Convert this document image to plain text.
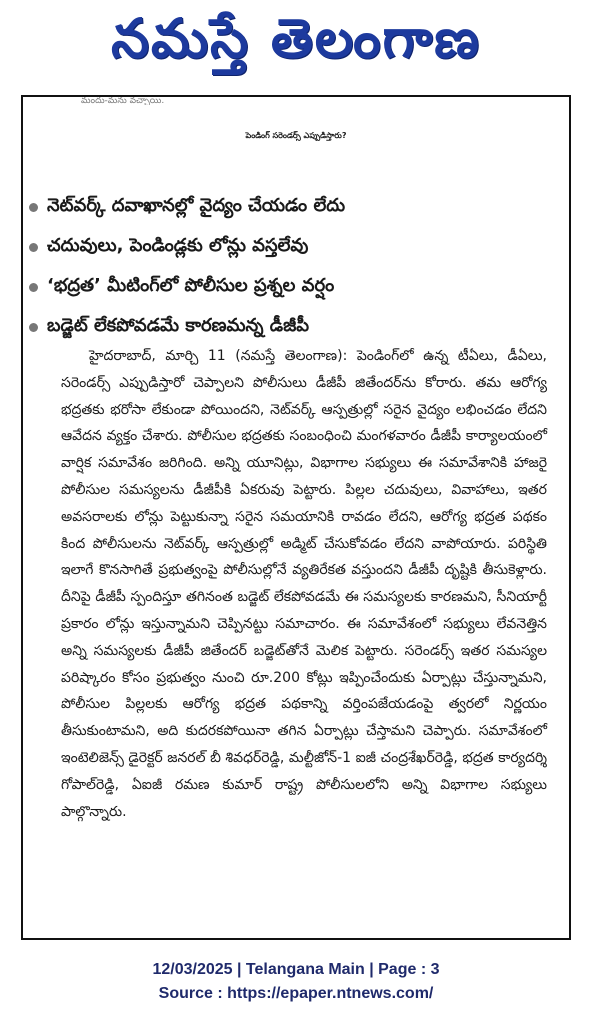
నమస్తే తెలంగాణ
మందు-మను వచ్చాయి.
పెండింగ్ సరెండర్స్ ఎప్పుడిస్తారు?
నెట్‌వర్క్ దవాఖానల్లో వైద్యం చేయడం లేదు
చదువులు, పెండిండ్లకు లోన్లు వస్తలేవు
‘భద్రత’ మీటింగ్‌లో పోలీసుల ప్రశ్నల వర్షం
బడ్జెట్ లేకపోవడమే కారణమన్న డీజీపీ

హైదరాబాద్, మార్చి 11 (నమస్తే తెలంగాణ): పెండింగ్‌లో ఉన్న టీఏలు, డీఏలు, సరెండర్స్ ఎప్పుడిస్తారో చెప్పాలని పోలీసులు డీజీపీ జితేందర్‌ను కోరారు. తమ ఆరోగ్య భద్రతకు భరోసా లేకుండా పోయిందని, నెట్‌వర్క్ ఆస్పత్రుల్లో సరైన వైద్యం లభించడం లేదని ఆవేదన వ్యక్తం చేశారు. పోలీసుల భద్రతకు సంబంధించి మంగళవారం డీజీపీ కార్యాలయంలో వార్షిక సమావేశం జరిగింది. అన్ని యూనిట్లు, విభాగాల సభ్యులు ఈ సమావేశానికి హాజరై పోలీసుల సమస్యలను డీజీపీకి ఏకరువు పెట్టారు. పిల్లల చదువులు, వివాహాలు, ఇతర అవసరాలకు లోన్లు పెట్టుకున్నా సరైన సమయానికి రావడం లేదని, ఆరోగ్య భద్రత పథకం కింద పోలీసులను నెట్‌వర్క్ ఆస్పత్రుల్లో అడ్మిట్ చేసుకోవడం లేదని వాపోయారు. పరిస్థితి ఇలాగే కొనసాగితే ప్రభుత్వంపై పోలీసుల్లోనే వ్యతిరేకత వస్తుందని డీజీపీ దృష్టికి తీసుకెళ్లారు. దీనిపై డీజీపీ స్పందిస్తూ తగినంత బడ్జెట్ లేకపోవడమే ఈ సమస్యలకు కారణమని, సీనియార్టీ ప్రకారం లోన్లు ఇస్తున్నామని చెప్పినట్టు సమాచారం. ఈ సమావేశంలో సభ్యులు లేవనెత్తిన అన్ని సమస్యలకు డీజీపీ జితేందర్ బడ్జెట్‌తోనే మెలిక పెట్టారు. సరెండర్స్ ఇతర సమస్యల పరిష్కారం కోసం ప్రభుత్వం నుంచి రూ.200 కోట్లు ఇప్పించేందుకు ఏర్పాట్లు చేస్తున్నామని, పోలీసుల పిల్లలకు ఆరోగ్య భద్రత పథకాన్ని వర్తింపజేయడంపై త్వరలో నిర్ణయం తీసుకుంటామని, అది కుదరకపోయినా తగిన ఏర్పాట్లు చేస్తామని చెప్పారు. సమావేశంలో ఇంటెలిజెన్స్ డైరెక్టర్ జనరల్ బీ శివధర్‌రెడ్డి, మల్టీజోన్-1 ఐజీ చంద్రశేఖర్‌రెడ్డి, భద్రత కార్యదర్శి గోపాల్‌రెడ్డి, ఏఐజీ రమణ కుమార్ రాష్ట్ర పోలీసులలోని అన్ని విభాగాల సభ్యులు పాల్గొన్నారు.

12/03/2025 | Telangana Main | Page : 3
Source : https://epaper.ntnews.com/
